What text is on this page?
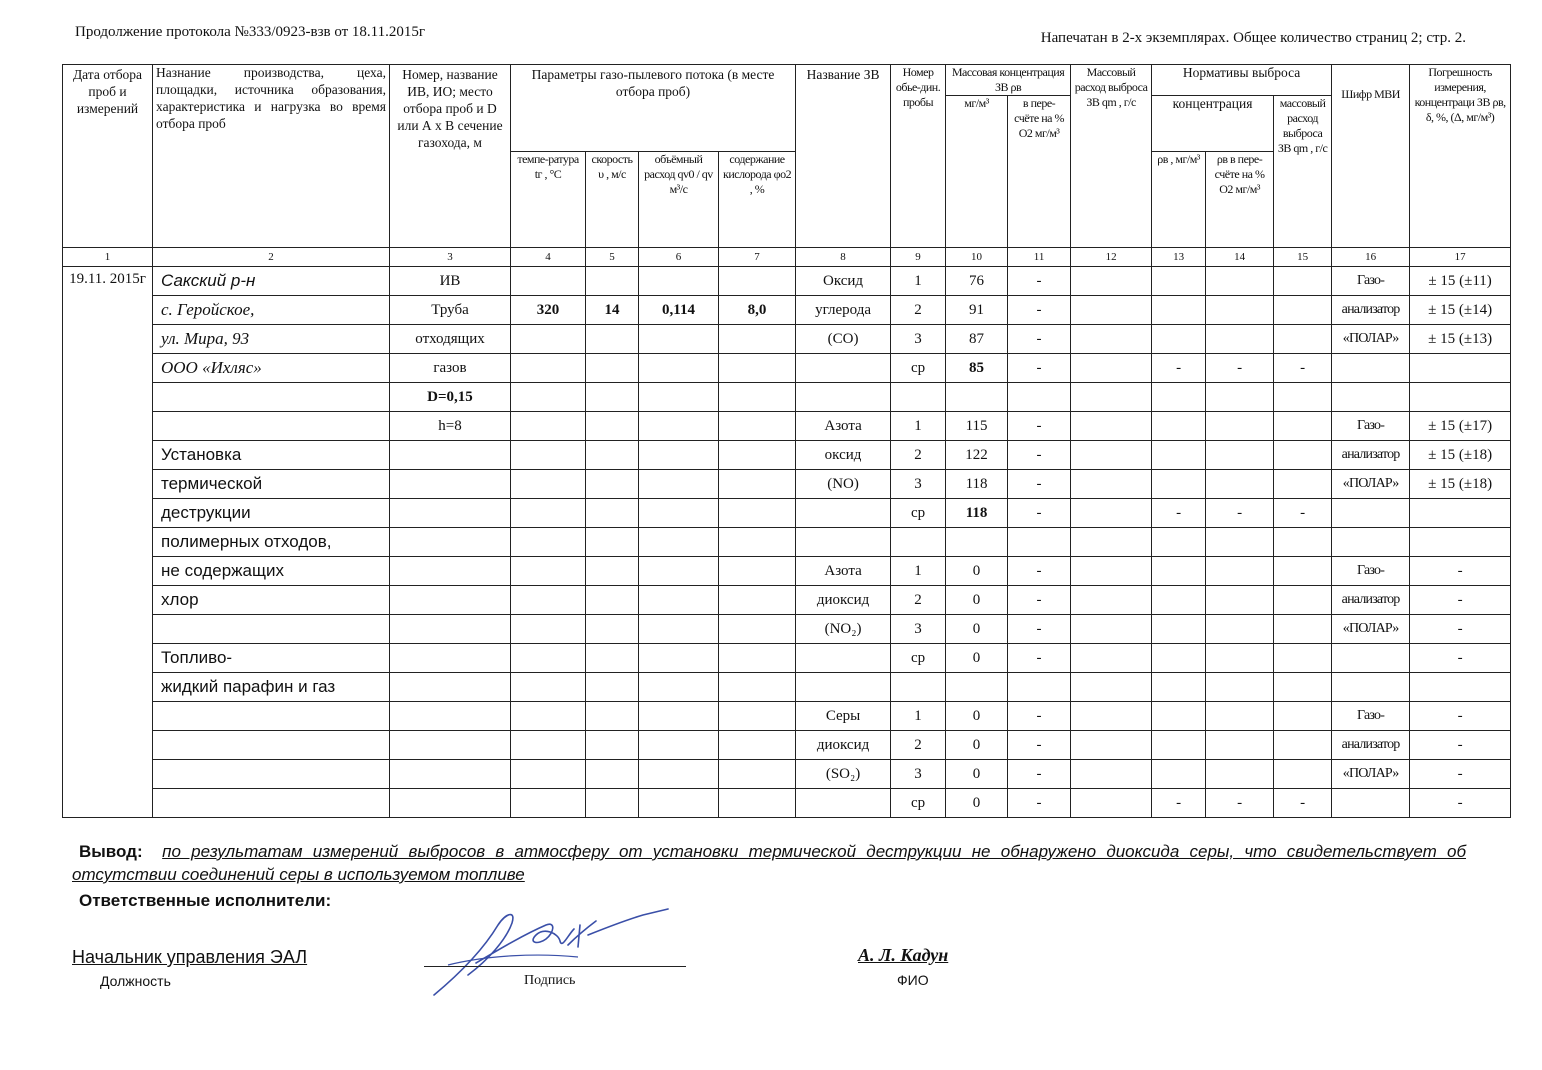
Продолжение протокола №333/0923-взв от 18.11.2015г	Напечатан в 2-х экземплярах. Общее количество страниц 2; стр. 2.
Дата отбора проб и измерений	Назнание производства, цеха, площадки, источника образования, характеристика и нагрузка во время отбора проб	Номер, название ИВ, ИО; место отбора проб и D или А х В сечение газохода, м	Параметры газо-пылевого потока (в месте отбора проб)				Название ЗВ	Номер обье-дин. пробы	Массовая концентрация ЗВ ρв		Массовый расход выброса ЗВ qm , г/с	Нормативы выброса			Шифр МВИ	Погрешность измерения, концентраци ЗВ ρв, δ, %, (Δ, мг/м³)
									мг/м³	в пере-счёте на % О2 мг/м³		концентрация		массовый расход выброса ЗВ qm , г/с		
			темпе-ратура tг , °С	скорость υ , м/с	объёмный расход qv0 / qv м³/с	содержание кислорода φо2 , %						ρв , мг/м³	ρв в пере-счёте на % О2 мг/м³			
1	2	3	4	5	6	7	8	9	10	11	12	13	14	15	16	17
19.11. 2015г	Сакский р-н	ИВ					Оксид	1	76	-					Газо-	± 15 (±11)
	с. Геройское,	Труба	320	14	0,114	8,0	углерода	2	91	-					анализатор	± 15 (±14)
	ул. Мира, 93	отходящих					(СО)	3	87	-					«ПОЛАР»	± 15 (±13)
	ООО «Ихляс»	газов						ср	85	-		-	-	-		
		D=0,15														
		h=8					Азота	1	115	-					Газо-	± 15 (±17)
	Установка						оксид	2	122	-					анализатор	± 15 (±18)
	термической						(NO)	3	118	-					«ПОЛАР»	± 15 (±18)
	деструкции							ср	118	-		-	-	-		
	полимерных отходов,															
	не содержащих						Азота	1	0	-					Газо-	-
	хлор						диоксид	2	0	-					анализатор	-
							(NO₂)	3	0	-					«ПОЛАР»	-
	Топливо-							ср	0	-						-
	жидкий парафин и газ															
							Серы	1	0	-					Газо-	-
							диоксид	2	0	-					анализатор	-
							(SO₂)	3	0	-					«ПОЛАР»	-
								ср	0	-		-	-	-		-
Вывод: по результатам измерений выбросов в атмосферу от установки термической деструкции не обнаружено диоксида серы, что свидетельствует об отсутствии соединений серы в используемом топливе
Ответственные исполнители:
Начальник управления ЭАЛ
Должность	Подпись
А. Л. Кадун
ФИО
